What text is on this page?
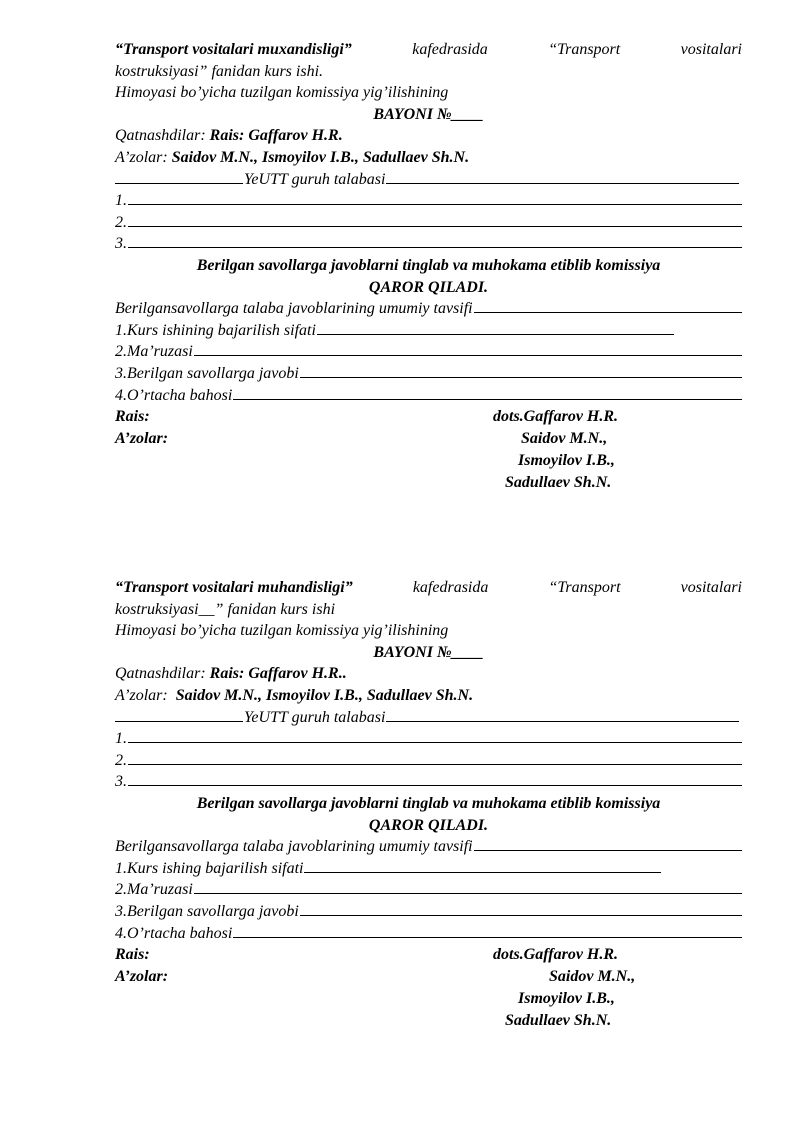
“Transport vositalari muxandisligi”	kafedrasida	“Transport	vositalari
kostruksiyasi” fanidan kurs ishi.
Himoyasi bo’yicha tuzilgan komissiya yig’ilishining
BAYONI №____
Qatnashdilar: Rais: Gaffarov H.R.
A’zolar: Saidov M.N., Ismoyilov I.B., Sadullaev Sh.N.
YeUTT guruh talabasi
1.
2.
3.
Berilgan savollarga javoblarni tinglab va muhokama etiblib komissiya
QAROR QILADI.
Berilgansavollarga talaba javoblarining umumiy tavsifi
1.Kurs ishining bajarilish sifati
2.Ma’ruzasi
3.Berilgan savollarga javobi
4.O’rtacha bahosi
Rais:	dots.Gaffarov H.R.
A’zolar:	Saidov M.N.,
Ismoyilov I.B.,
Sadullaev Sh.N.
“Transport vositalari muhandisligi”	kafedrasida	“Transport	vositalari
kostruksiyasi__” fanidan kurs ishi
Himoyasi bo’yicha tuzilgan komissiya yig’ilishining
BAYONI №____
Qatnashdilar: Rais: Gaffarov H.R..
A’zolar:  Saidov M.N., Ismoyilov I.B., Sadullaev Sh.N.
YeUTT guruh talabasi
1.
2.
3.
Berilgan savollarga javoblarni tinglab va muhokama etiblib komissiya
QAROR QILADI.
Berilgansavollarga talaba javoblarining umumiy tavsifi
1.Kurs ishing bajarilish sifati
2.Ma’ruzasi
3.Berilgan savollarga javobi
4.O’rtacha bahosi
Rais:	dots.Gaffarov H.R.
A’zolar:	Saidov M.N.,
Ismoyilov I.B.,
Sadullaev Sh.N.
